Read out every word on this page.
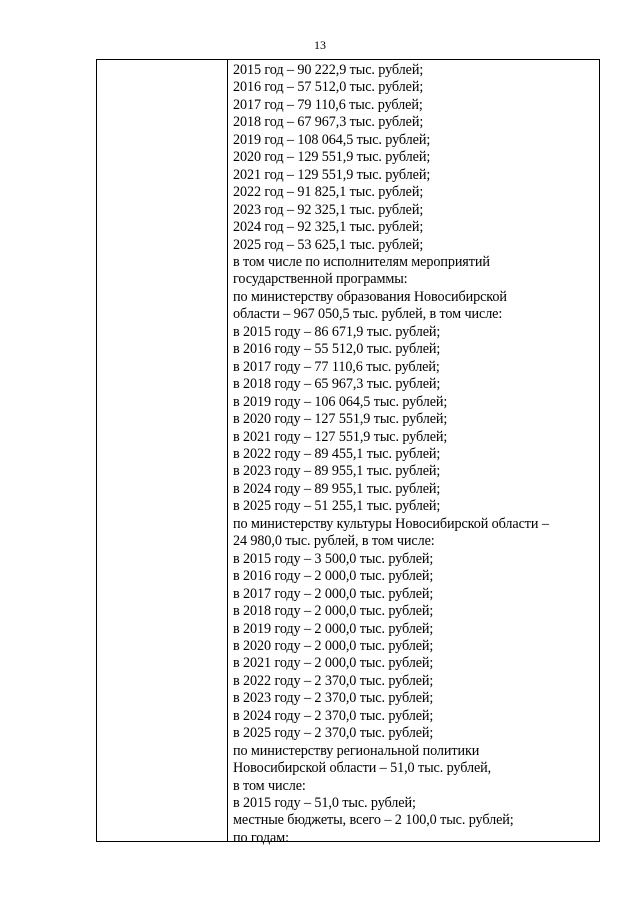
13
2015 год – 90 222,9 тыс. рублей;
2016 год – 57 512,0 тыс. рублей;
2017 год – 79 110,6 тыс. рублей;
2018 год – 67 967,3 тыс. рублей;
2019 год – 108 064,5 тыс. рублей;
2020 год – 129 551,9 тыс. рублей;
2021 год – 129 551,9 тыс. рублей;
2022 год – 91 825,1 тыс. рублей;
2023 год – 92 325,1 тыс. рублей;
2024 год – 92 325,1 тыс. рублей;
2025 год – 53 625,1 тыс. рублей;
в том числе по исполнителям мероприятий
государственной программы:
по министерству образования Новосибирской
области – 967 050,5 тыс. рублей, в том числе:
в 2015 году – 86 671,9 тыс. рублей;
в 2016 году – 55 512,0 тыс. рублей;
в 2017 году – 77 110,6 тыс. рублей;
в 2018 году – 65 967,3 тыс. рублей;
в 2019 году – 106 064,5 тыс. рублей;
в 2020 году – 127 551,9 тыс. рублей;
в 2021 году – 127 551,9 тыс. рублей;
в 2022 году – 89 455,1 тыс. рублей;
в 2023 году – 89 955,1 тыс. рублей;
в 2024 году – 89 955,1 тыс. рублей;
в 2025 году – 51 255,1 тыс. рублей;
по министерству культуры Новосибирской области –
24 980,0 тыс. рублей, в том числе:
в 2015 году – 3 500,0 тыс. рублей;
в 2016 году – 2 000,0 тыс. рублей;
в 2017 году – 2 000,0 тыс. рублей;
в 2018 году – 2 000,0 тыс. рублей;
в 2019 году – 2 000,0 тыс. рублей;
в 2020 году – 2 000,0 тыс. рублей;
в 2021 году – 2 000,0 тыс. рублей;
в 2022 году – 2 370,0 тыс. рублей;
в 2023 году – 2 370,0 тыс. рублей;
в 2024 году – 2 370,0 тыс. рублей;
в 2025 году – 2 370,0 тыс. рублей;
по министерству региональной политики
Новосибирской области – 51,0 тыс. рублей,
в том числе:
в 2015 году – 51,0 тыс. рублей;
местные бюджеты, всего – 2 100,0 тыс. рублей;
по годам:
